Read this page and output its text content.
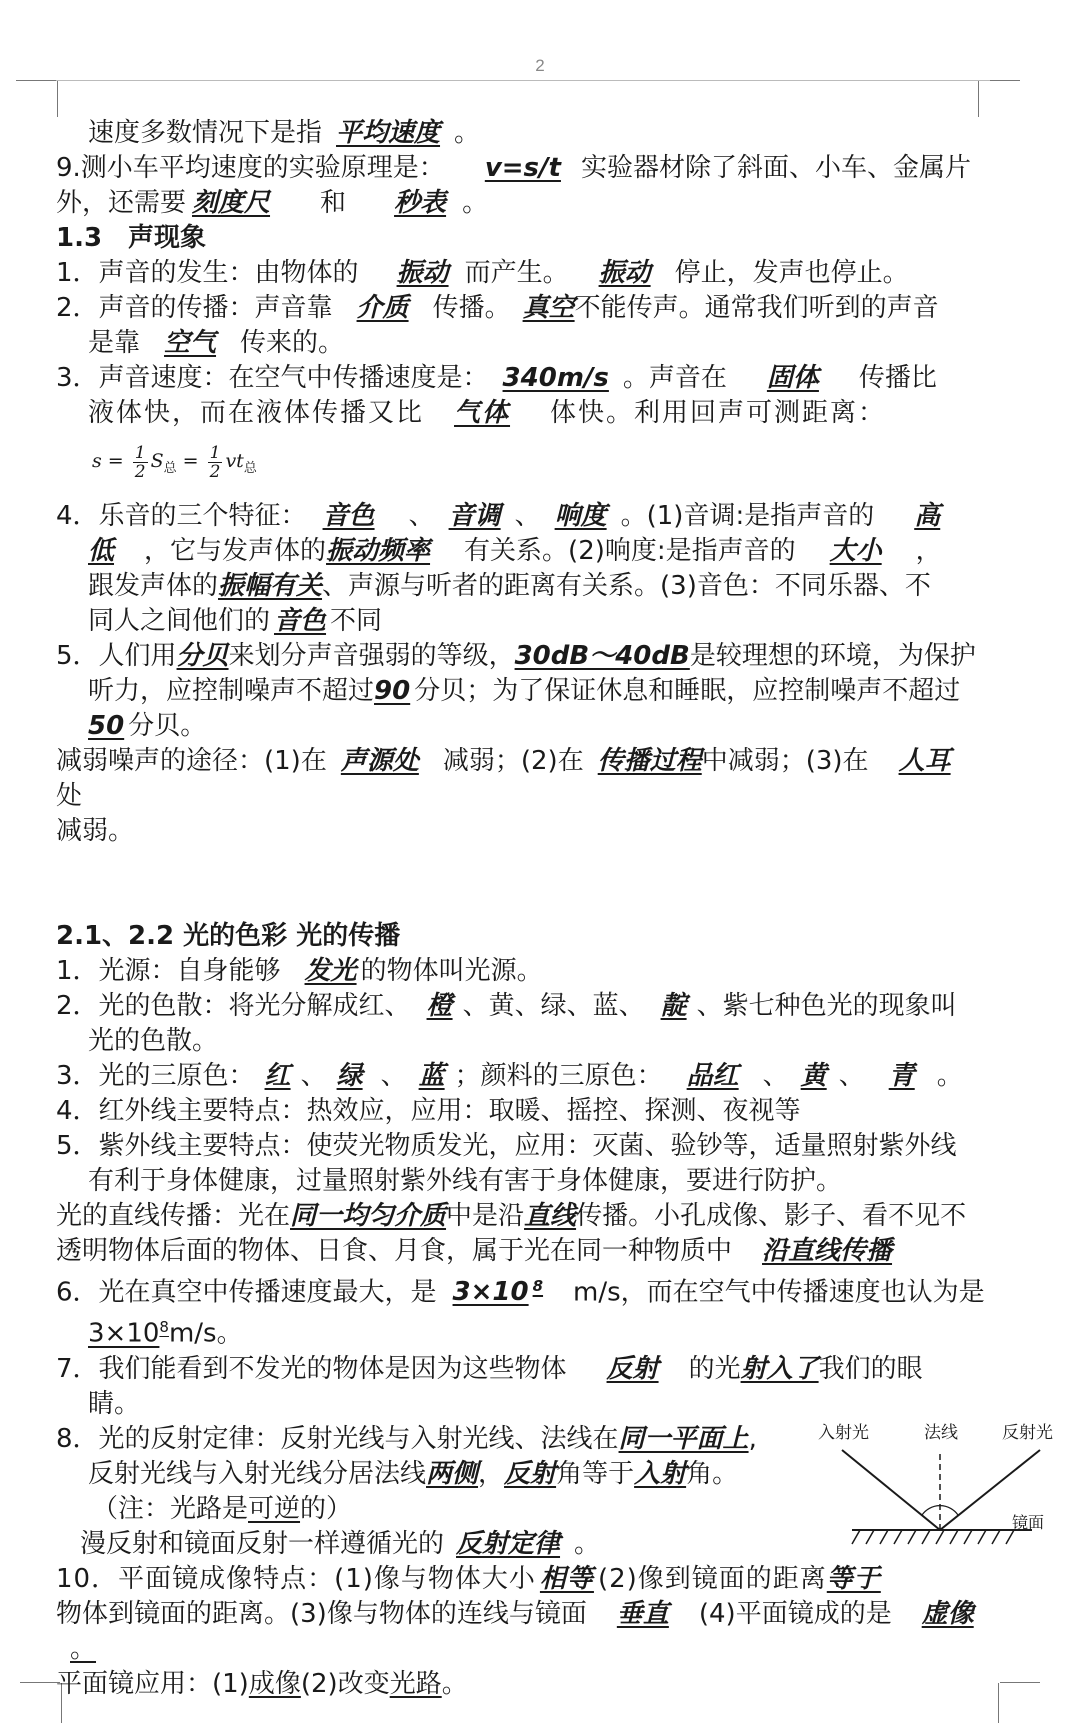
2

速度多数情况下是指 平均速度 。

9.测小车平均速度的实验原理是： v=s/t 实验器材除了斜面、小车、金属片

外，还需要 刻度尺 和 秒表 。

1.3　声现象

1．声音的发生：由物体的 振动 而产生。 振动 停止，发声也停止。

2．声音的传播：声音靠 介质 传播。 真空不能传声。通常我们听到的声音

是靠 空气 传来的。

3．声音速度：在空气中传播速度是： 340m/s 。声音在 固体 传播比

液体快，而在液体传播又比 气体 体快。利用回声可测距离：

$s = \frac{1}{2} S_总 = \frac{1}{2} vt_总$

4．乐音的三个特征： 音色 、 音调 、 响度 。(1)音调:是指声音的 高

低 ，它与发声体的振动频率 有关系。(2)响度:是指声音的 大小 ，

跟发声体的振幅有关、声源与听者的距离有关系。(3)音色：不同乐器、不

同人之间他们的 音色 不同

5．人们用分贝来划分声音强弱的等级，30dB～40dB是较理想的环境，为保护

听力，应控制噪声不超过90 分贝；为了保证休息和睡眠，应控制噪声不超过

50 分贝。

减弱噪声的途径：(1)在 声源处 减弱；(2)在 传播过程中减弱；(3)在 人耳处

减弱。

2.1、2.2 光的色彩 光的传播

1．光源：自身能够 发光 的物体叫光源。

2．光的色散：将光分解成红、 橙 、黄、绿、蓝、 靛 、紫七种色光的现象叫

光的色散。

3．光的三原色： 红 、 绿 、 蓝 ；颜料的三原色： 品红 、 黄 、 青 。

4．红外线主要特点：热效应，应用：取暖、摇控、探测、夜视等

5．紫外线主要特点：使荧光物质发光，应用：灭菌、验钞等，适量照射紫外线

有利于身体健康，过量照射紫外线有害于身体健康，要进行防护。

光的直线传播：光在同一均匀介质中是沿直线传播。小孔成像、影子、看不见不

透明物体后面的物体、日食、月食，属于光在同一种物质中 沿直线传播

6．光在真空中传播速度最大，是 3×10 $^8$ m/s，而在空气中传播速度也认为是

$3\times 10^8m/s$。

7．我们能看到不发光的物体是因为这些物体 反射 的光射入了我们的眼

睛。

8．光的反射定律：反射光线与入射光线、法线在同一平面上,

反射光线与入射光线分居法线两侧，反射角等于入射角。

（注：光路是可逆的）

漫反射和镜面反射一样遵循光的 反射定律 。

10．平面镜成像特点：(1)像与物体大小 相等 (2)像到镜面的距离等于

物体到镜面的距离。(3)像与物体的连线与镜面 垂直 (4)平面镜成的是 虚像

。

平面镜应用：(1)成像(2)改变光路。

入射光	法线	反射光
镜面
